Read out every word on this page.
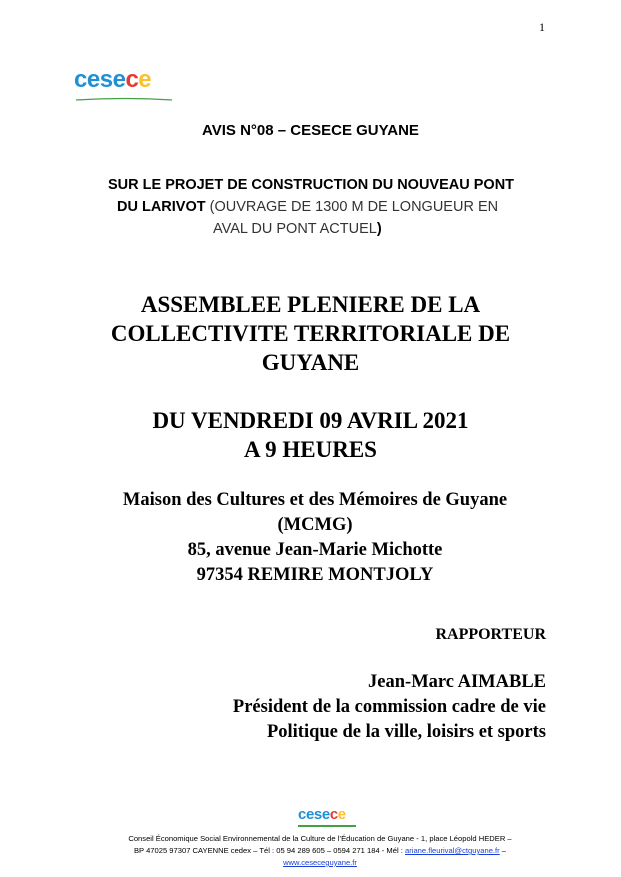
1
cesece
AVIS N°08 – CESECE GUYANE
SUR LE PROJET DE CONSTRUCTION DU NOUVEAU PONT
DU LARIVOT (OUVRAGE DE 1300 M DE LONGUEUR EN
AVAL DU PONT ACTUEL)
ASSEMBLEE PLENIERE DE LA
COLLECTIVITE TERRITORIALE DE
GUYANE
DU VENDREDI 09 AVRIL 2021
A 9 HEURES
Maison des Cultures et des Mémoires de Guyane
(MCMG)
85, avenue Jean-Marie Michotte
97354 REMIRE MONTJOLY
RAPPORTEUR
Jean-Marc AIMABLE
Président de la commission cadre de vie
Politique de la ville, loisirs et sports
cesece
Conseil Économique Social Environnemental de la Culture de l’Éducation de Guyane - 1, place Léopold HEDER –
BP 47025 97307 CAYENNE cedex – Tél : 05 94 289 605 – 0594 271 184 - Mél : ariane.fleurival@ctguyane.fr –
www.ceseceguyane.fr
